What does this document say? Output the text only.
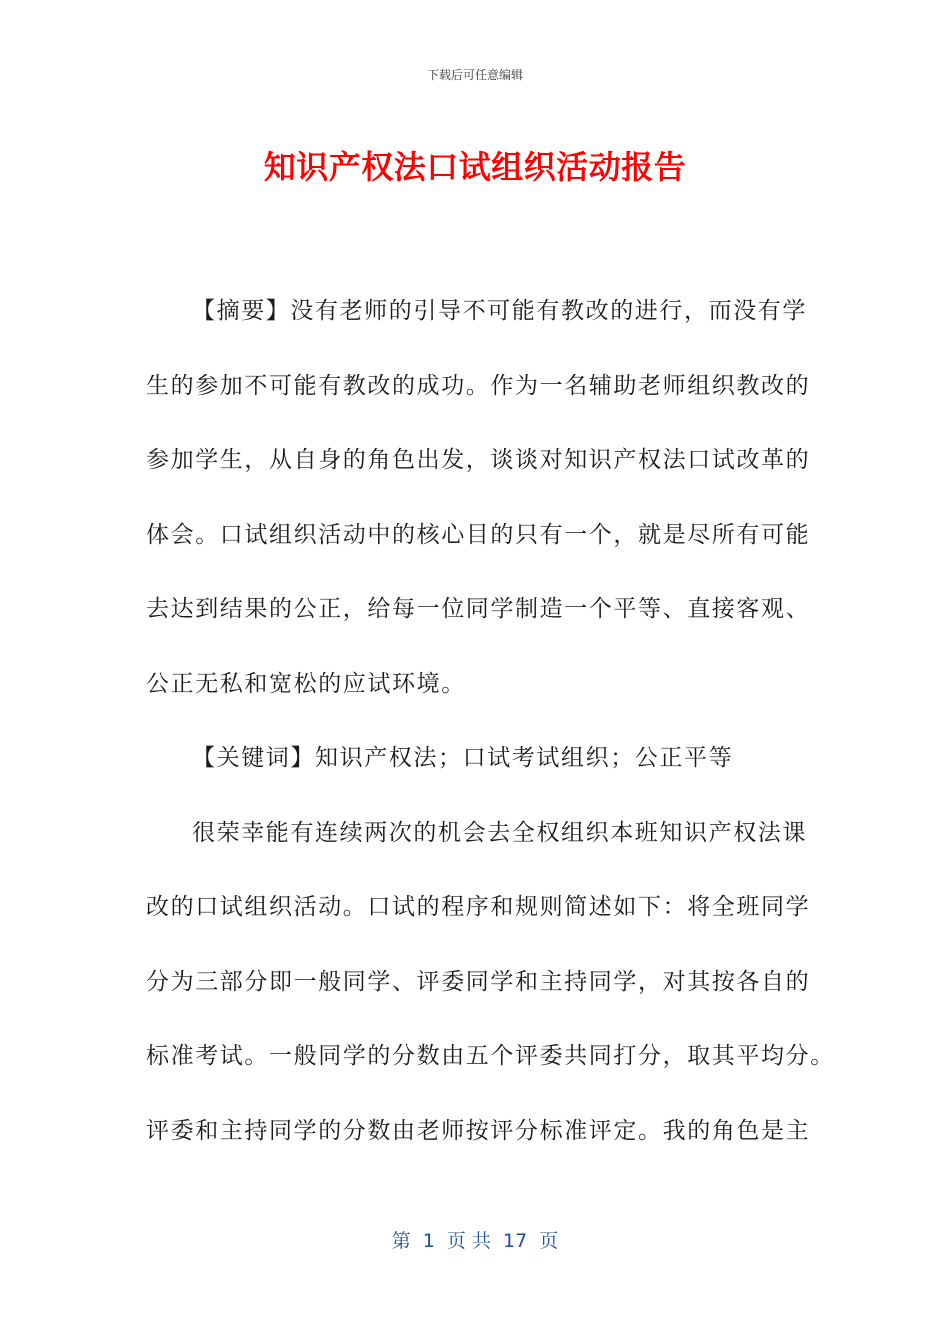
下载后可任意编辑
知识产权法口试组织活动报告
【摘要】没有老师的引导不可能有教改的进行，而没有学
生的参加不可能有教改的成功。作为一名辅助老师组织教改的
参加学生，从自身的角色出发，谈谈对知识产权法口试改革的
体会。口试组织活动中的核心目的只有一个，就是尽所有可能
去达到结果的公正，给每一位同学制造一个平等、直接客观、
公正无私和宽松的应试环境。
【关键词】知识产权法；口试考试组织；公正平等
很荣幸能有连续两次的机会去全权组织本班知识产权法课
改的口试组织活动。口试的程序和规则简述如下：将全班同学
分为三部分即一般同学、评委同学和主持同学，对其按各自的
标准考试。一般同学的分数由五个评委共同打分，取其平均分。
评委和主持同学的分数由老师按评分标准评定。我的角色是主
第  1  页 共  17  页
